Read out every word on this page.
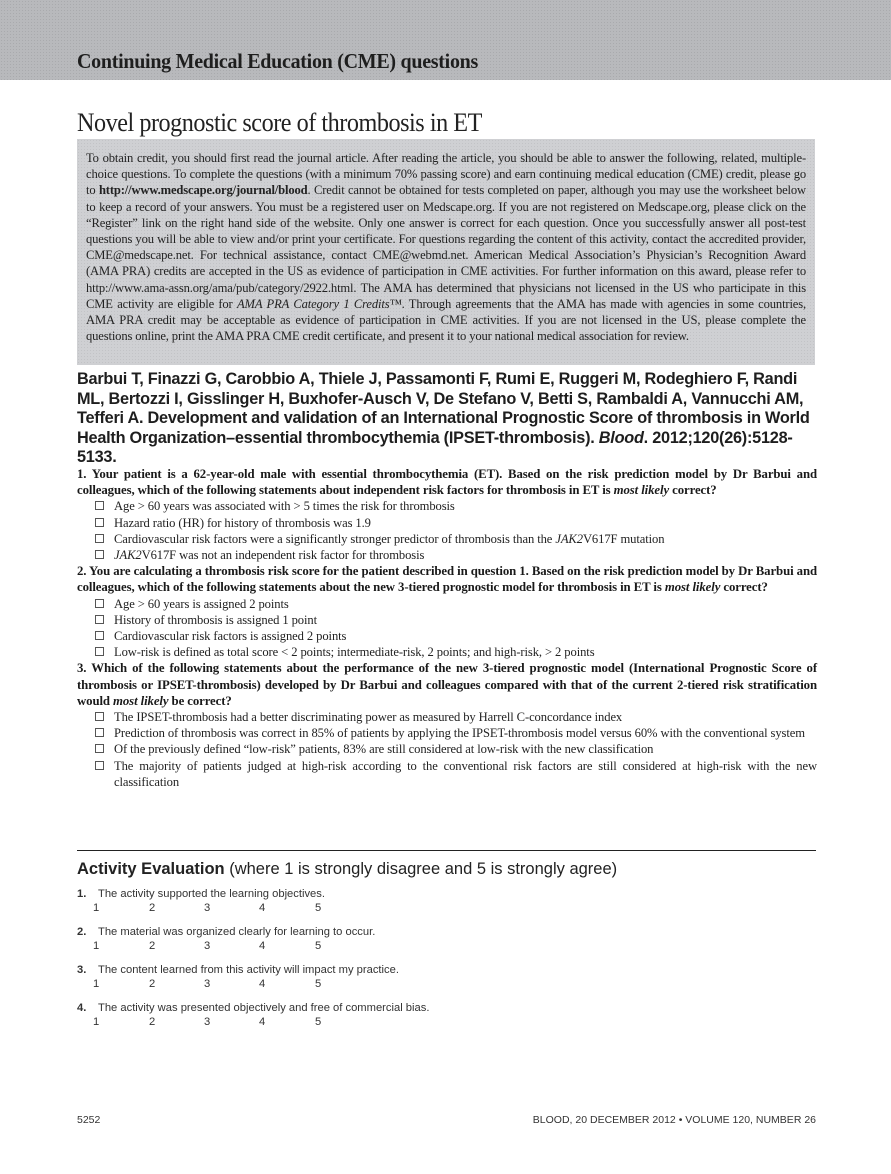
Continuing Medical Education (CME) questions
Novel prognostic score of thrombosis in ET
To obtain credit, you should first read the journal article. After reading the article, you should be able to answer the following, related, multiple-choice questions. To complete the questions (with a minimum 70% passing score) and earn continuing medical education (CME) credit, please go to http://www.medscape.org/journal/blood. Credit cannot be obtained for tests completed on paper, although you may use the worksheet below to keep a record of your answers. You must be a registered user on Medscape.org. If you are not registered on Medscape.org, please click on the “Register” link on the right hand side of the website. Only one answer is correct for each question. Once you successfully answer all post-test questions you will be able to view and/or print your certificate. For questions regarding the content of this activity, contact the accredited provider, CME@medscape.net. For technical assistance, contact CME@webmd.net. American Medical Association’s Physician’s Recognition Award (AMA PRA) credits are accepted in the US as evidence of participation in CME activities. For further information on this award, please refer to http://www.ama-assn.org/ama/pub/category/2922.html. The AMA has determined that physicians not licensed in the US who participate in this CME activity are eligible for AMA PRA Category 1 Credits™. Through agreements that the AMA has made with agencies in some countries, AMA PRA credit may be acceptable as evidence of participation in CME activities. If you are not licensed in the US, please complete the questions online, print the AMA PRA CME credit certificate, and present it to your national medical association for review.
Barbui T, Finazzi G, Carobbio A, Thiele J, Passamonti F, Rumi E, Ruggeri M, Rodeghiero F, Randi ML, Bertozzi I, Gisslinger H, Buxhofer-Ausch V, De Stefano V, Betti S, Rambaldi A, Vannucchi AM, Tefferi A. Development and validation of an International Prognostic Score of thrombosis in World Health Organization–essential thrombocythemia (IPSET-thrombosis). Blood. 2012;120(26):5128-5133.
1. Your patient is a 62-year-old male with essential thrombocythemia (ET). Based on the risk prediction model by Dr Barbui and colleagues, which of the following statements about independent risk factors for thrombosis in ET is most likely correct?
Age > 60 years was associated with > 5 times the risk for thrombosis
Hazard ratio (HR) for history of thrombosis was 1.9
Cardiovascular risk factors were a significantly stronger predictor of thrombosis than the JAK2V617F mutation
JAK2V617F was not an independent risk factor for thrombosis
2. You are calculating a thrombosis risk score for the patient described in question 1. Based on the risk prediction model by Dr Barbui and colleagues, which of the following statements about the new 3-tiered prognostic model for thrombosis in ET is most likely correct?
Age > 60 years is assigned 2 points
History of thrombosis is assigned 1 point
Cardiovascular risk factors is assigned 2 points
Low-risk is defined as total score < 2 points; intermediate-risk, 2 points; and high-risk, > 2 points
3. Which of the following statements about the performance of the new 3-tiered prognostic model (International Prognostic Score of thrombosis or IPSET-thrombosis) developed by Dr Barbui and colleagues compared with that of the current 2-tiered risk stratification would most likely be correct?
The IPSET-thrombosis had a better discriminating power as measured by Harrell C-concordance index
Prediction of thrombosis was correct in 85% of patients by applying the IPSET-thrombosis model versus 60% with the conventional system
Of the previously defined “low-risk” patients, 83% are still considered at low-risk with the new classification
The majority of patients judged at high-risk according to the conventional risk factors are still considered at high-risk with the new classification
Activity Evaluation (where 1 is strongly disagree and 5 is strongly agree)
1. The activity supported the learning objectives.
1	2	3	4	5
2. The material was organized clearly for learning to occur.
1	2	3	4	5
3. The content learned from this activity will impact my practice.
1	2	3	4	5
4. The activity was presented objectively and free of commercial bias.
1	2	3	4	5
5252	BLOOD, 20 DECEMBER 2012 • VOLUME 120, NUMBER 26
